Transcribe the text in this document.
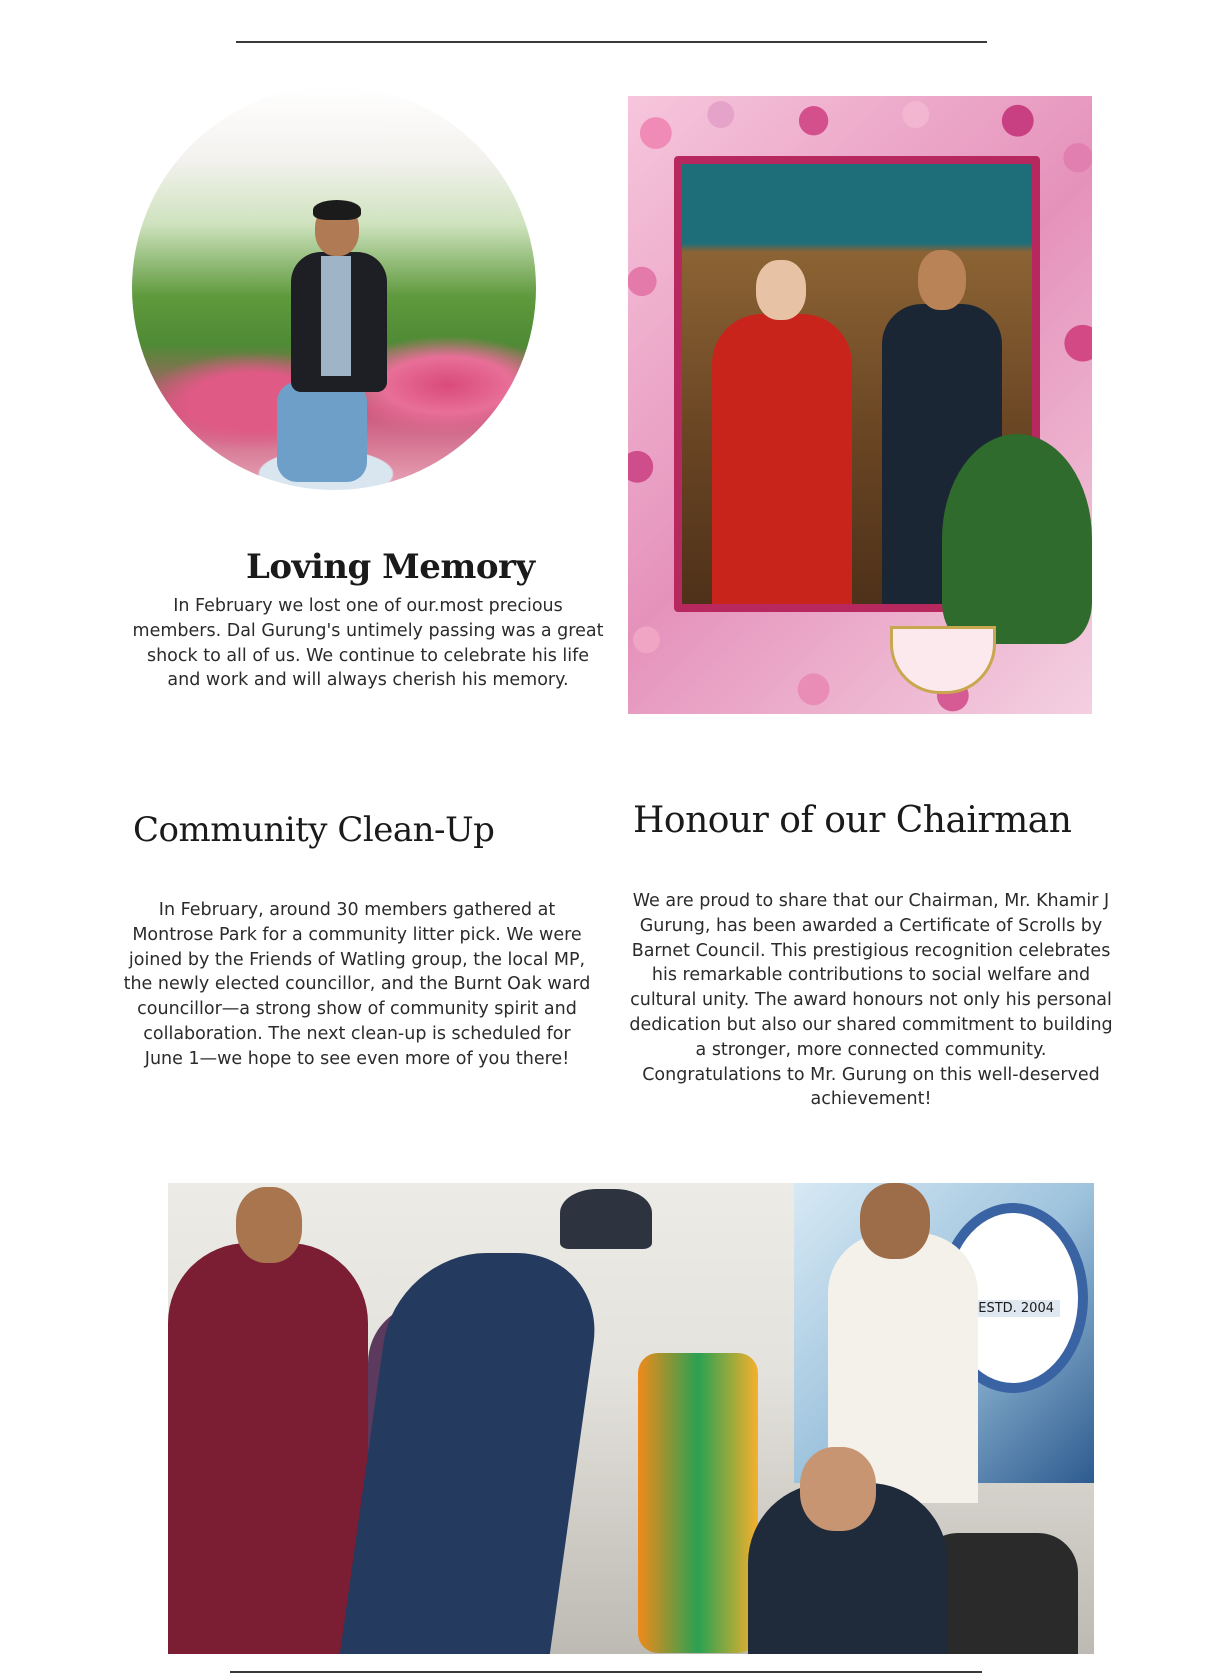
Loving Memory

In February we lost one of our.most precious members. Dal Gurung's untimely passing was a great shock to all of us. We continue to celebrate his life and work and will always cherish his memory.

Community Clean-Up

In February, around 30 members gathered at Montrose Park for a community litter pick. We were joined by the Friends of Watling group, the local MP, the newly elected councillor, and the Burnt Oak ward councillor—a strong show of community spirit and collaboration. The next clean-up is scheduled for June 1—we hope to see even more of you there!

Honour of our Chairman

We are proud to share that our Chairman, Mr. Khamir J Gurung, has been awarded a Certificate of Scrolls by Barnet Council. This prestigious recognition celebrates his remarkable contributions to social welfare and cultural unity. The award honours not only his personal dedication but also our shared commitment to building a stronger, more connected community. Congratulations to Mr. Gurung on this well-deserved achievement!

ESTD. 2004
